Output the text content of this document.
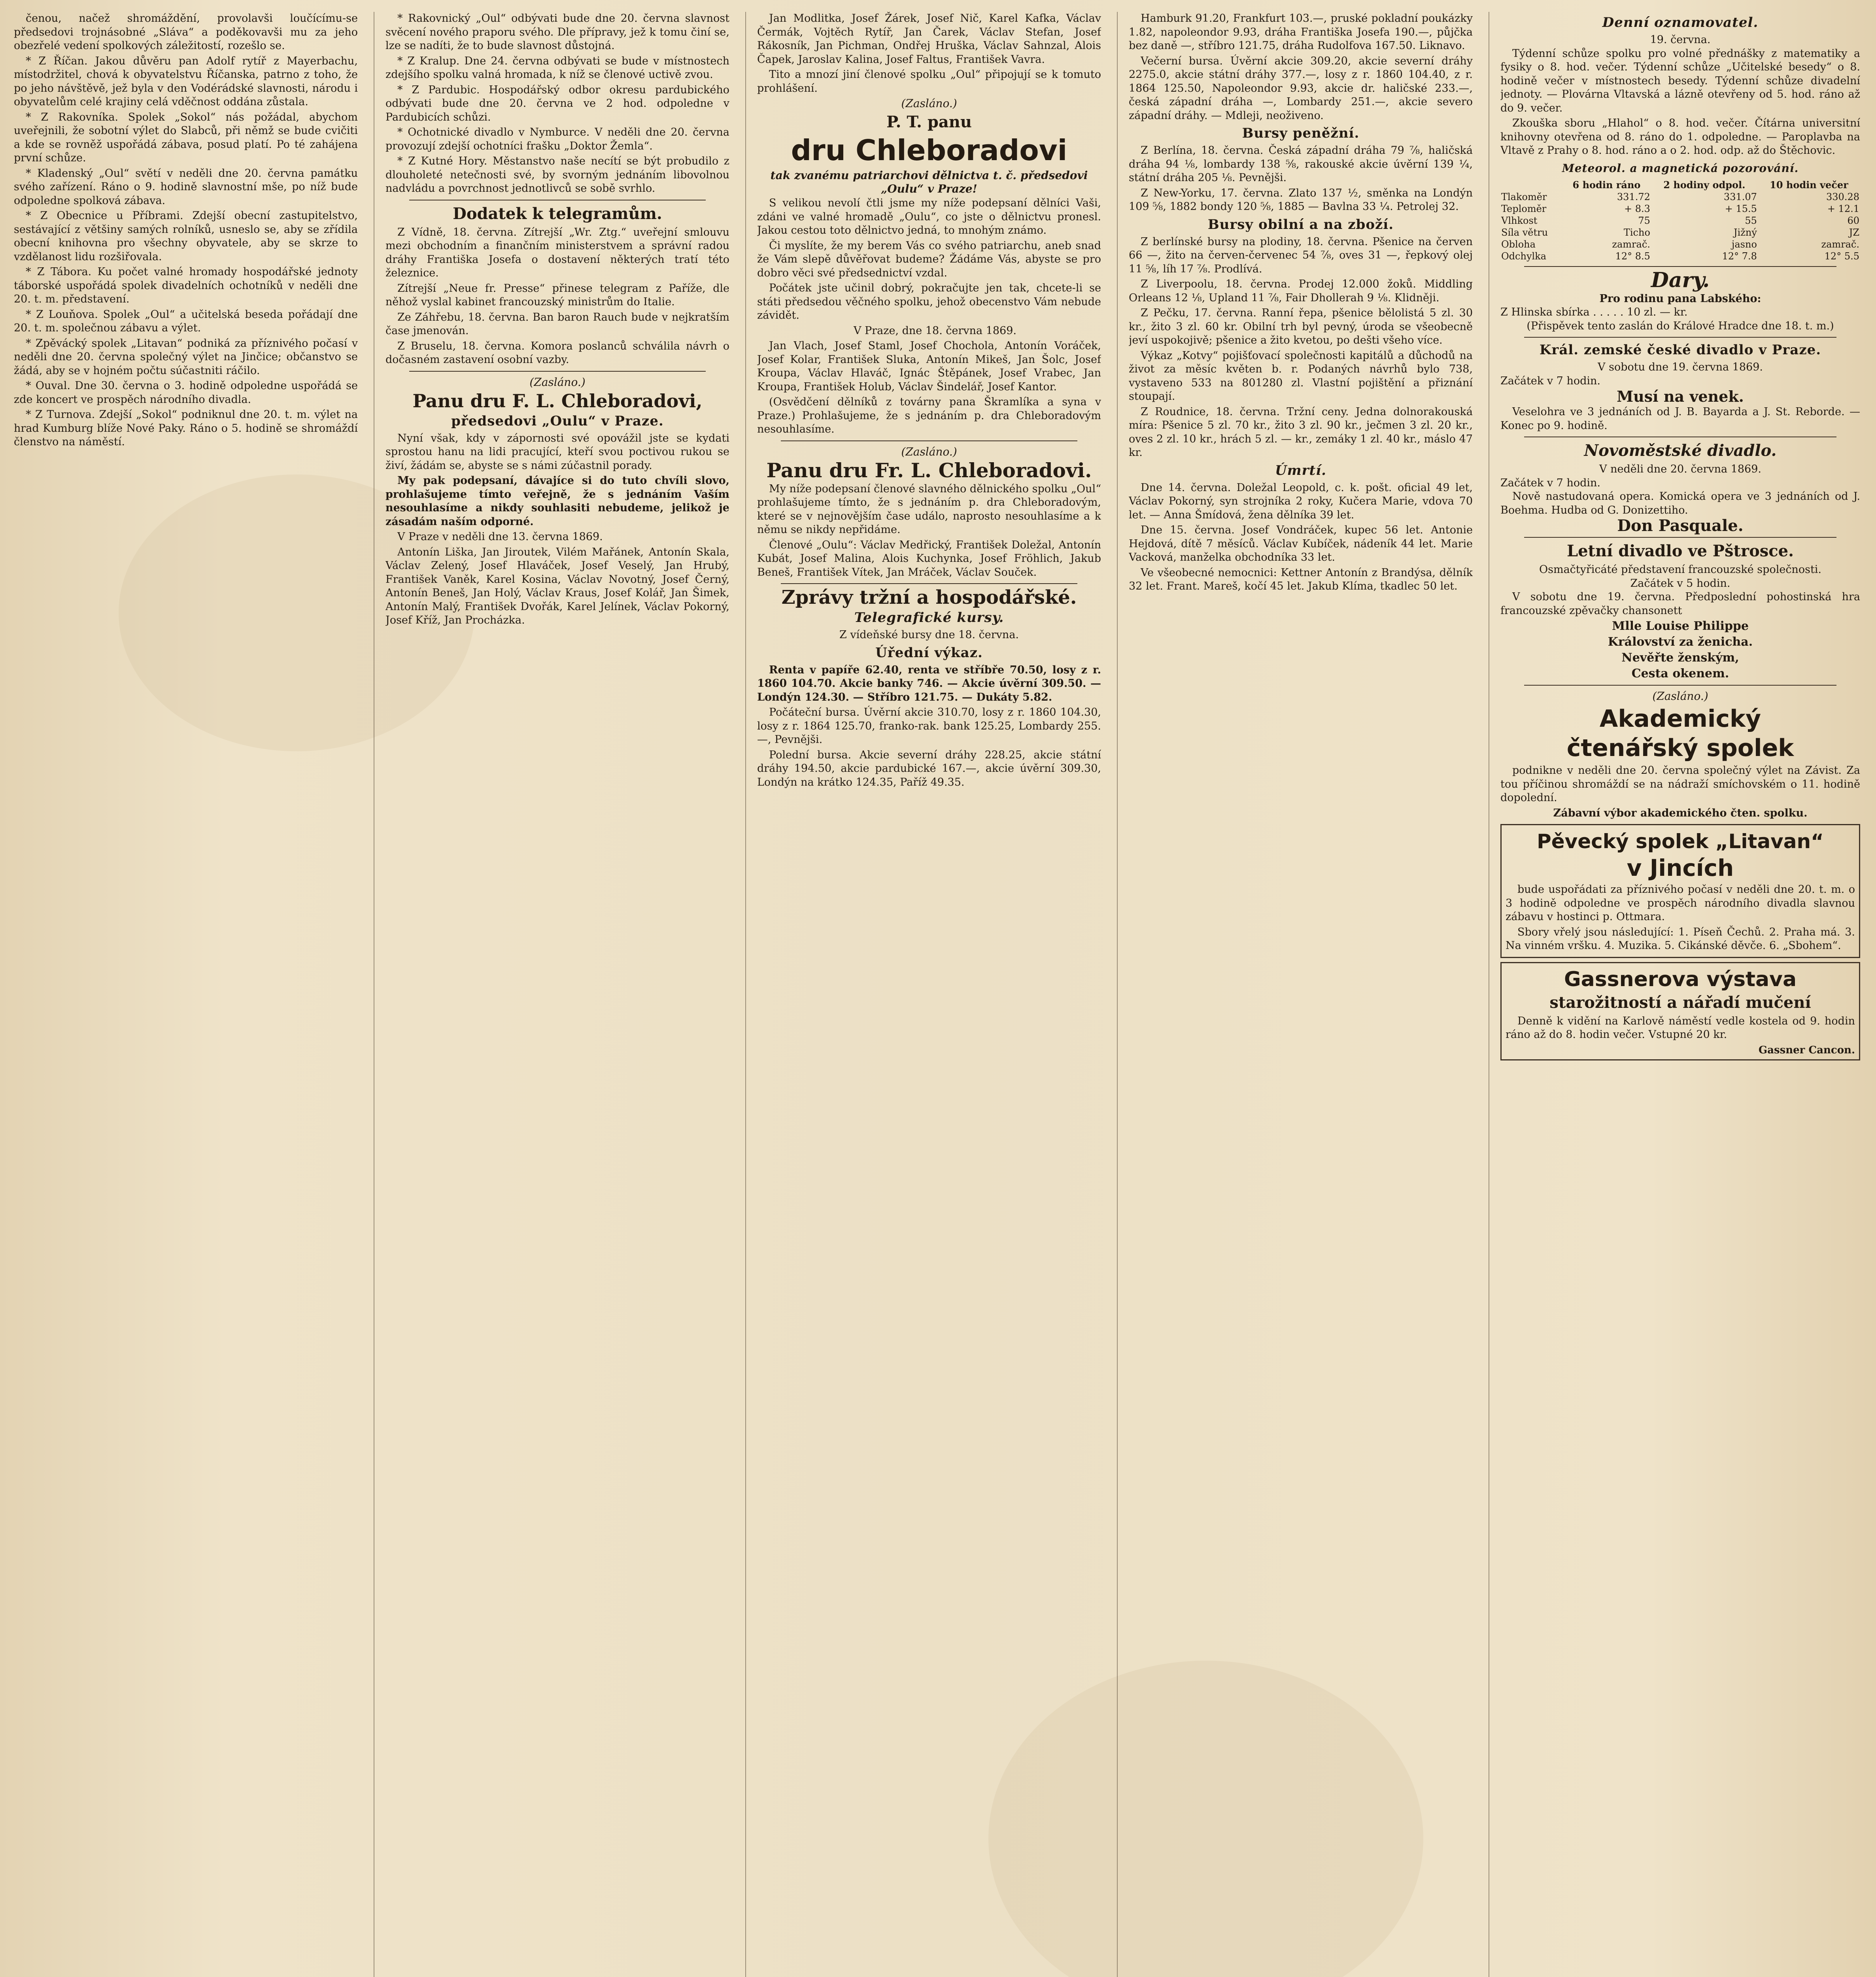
čenou, načež shromáždění, provolavši loučícímu-se předsedovi trojnásobné „Sláva“ a poděkovavši mu za jeho obezřelé vedení spolkových záležitostí, rozešlo se.

* Z Říčan. Jakou důvěru pan Adolf rytíř z Mayerbachu, místodržitel, chová k obyvatelstvu Říčanska, patrno z toho, že po jeho návštěvě, jež byla v den Vodérádské slavnosti, národu i obyvatelům celé krajiny celá vděčnost oddána zůstala.

* Z Rakovníka. Spolek „Sokol“ nás požádal, abychom uveřejnili, že sobotní výlet do Slabců, při němž se bude cvičiti a kde se rovněž uspořádá zábava, posud platí. Po té zahájena první schůze.

* Kladenský „Oul“ světí v neděli dne 20. června památku svého zařízení. Ráno o 9. hodině slavnostní mše, po níž bude odpoledne spolková zábava.

* Z Obecnice u Příbrami. Zdejší obecní zastupitelstvo, sestávající z většiny samých rolníků, usneslo se, aby se zřídila obecní knihovna pro všechny obyvatele, aby se skrze to vzdělanost lidu rozšiřovala.

* Z Tábora. Ku počet valné hromady hospodářské jednoty táborské uspořádá spolek divadelních ochotníků v neděli dne 20. t. m. představení.

* Z Louňova. Spolek „Oul“ a učitelská beseda pořádají dne 20. t. m. společnou zábavu a výlet.

* Zpěvácký spolek „Litavan“ podniká za příznivého počasí v neděli dne 20. června společný výlet na Jinčice; občanstvo se žádá, aby se v hojném počtu súčastniti ráčilo.

* Ouval. Dne 30. června o 3. hodině odpoledne uspořádá se zde koncert ve prospěch národního divadla.

* Z Turnova. Zdejší „Sokol“ podniknul dne 20. t. m. výlet na hrad Kumburg blíže Nové Paky. Ráno o 5. hodině se shromáždí členstvo na náměstí.

* Rakovnický „Oul“ odbývati bude dne 20. června slavnost svěcení nového praporu svého. Dle přípravy, jež k tomu činí se, lze se nadíti, že to bude slavnost důstojná.

* Z Kralup. Dne 24. června odbývati se bude v místnostech zdejšího spolku valná hromada, k níž se členové uctivě zvou.

* Z Pardubic. Hospodářský odbor okresu pardubického odbývati bude dne 20. června ve 2 hod. odpoledne v Pardubicích schůzi.

* Ochotnické divadlo v Nymburce. V neděli dne 20. června provozují zdejší ochotníci frašku „Doktor Žemla“.

* Z Kutné Hory. Městanstvo naše necítí se být probudilo z dlouholeté netečnosti své, by svorným jednáním libovolnou nadvládu a povrchnost jednotlivců se sobě svrhlo.

Dodatek k telegramům.

Z Vídně, 18. června. Zítrejší „Wr. Ztg.“ uveřejní smlouvu mezi obchodním a finančním ministerstvem a správní radou dráhy Františka Josefa o dostavení některých tratí této železnice.

Zítrejší „Neue fr. Presse“ přinese telegram z Paříže, dle něhož vyslal kabinet francouzský ministrům do Italie.

Ze Záhřebu, 18. června. Ban baron Rauch bude v nejkratším čase jmenován.

Z Bruselu, 18. června. Komora poslanců schválila návrh o dočasném zastavení osobní vazby.

(Zasláno.)
Panu dru F. L. Chleboradovi,
předsedovi „Oulu“ v Praze.

Nyní však, kdy v zápornosti své opovážil jste se kydati sprostou hanu na lidi pracující, kteří svou poctivou rukou se živí, žádám se, abyste se s námi zúčastnil porady.

My pak podepsaní, dávajíce si do tuto chvíli slovo, prohlašujeme tímto veřejně, že s jednáním Vaším nesouhlasíme a nikdy souhlasiti nebudeme, jelikož je zásadám naším odporné.

V Praze v neděli dne 13. června 1869.

Antonín Liška, Jan Jiroutek, Vilém Mařánek, Antonín Skala, Václav Zelený, Josef Hlaváček, Josef Veselý, Jan Hrubý, František Vaněk, Karel Kosina, Václav Novotný, Josef Černý, Antonín Beneš, Jan Holý, Václav Kraus, Josef Kolář, Jan Šimek, Antonín Malý, František Dvořák, Karel Jelínek, Václav Pokorný, Josef Kříž, Jan Procházka.

Jan Modlitka, Josef Žárek, Josef Nič, Karel Kafka, Václav Čermák, Vojtěch Rytíř, Jan Čarek, Václav Stefan, Josef Rákosník, Jan Pichman, Ondřej Hruška, Václav Sahnzal, Alois Čapek, Jaroslav Kalina, Josef Faltus, František Vavra.

Tito a mnozí jiní členové spolku „Oul“ připojují se k tomuto prohlášení.

(Zasláno.)
P. T. panu
dru Chleboradovi
tak zvanému patriarchovi dělnictva t. č. předsedovi „Oulu“ v Praze!

S velikou nevolí čtli jsme my níže podepsaní dělníci Vaši, zdáni ve valné hromadě „Oulu“, co jste o dělnictvu pronesl. Jakou cestou toto dělnictvo jedná, to mnohým známo.

Či myslíte, že my berem Vás co svého patriarchu, aneb snad že Vám slepě důvěřovat budeme? Žádáme Vás, abyste se pro dobro věci své předsednictví vzdal.

Počátek jste učinil dobrý, pokračujte jen tak, chcete-li se státi předsedou věčného spolku, jehož obecenstvo Vám nebude závidět.

V Praze, dne 18. června 1869.

Jan Vlach, Josef Staml, Josef Chochola, Antonín Voráček, Josef Kolar, František Sluka, Antonín Mikeš, Jan Šolc, Josef Kroupa, Václav Hlaváč, Ignác Štěpánek, Josef Vrabec, Jan Kroupa, František Holub, Václav Šindelář, Josef Kantor.

(Osvědčení dělníků z továrny pana Škramlíka a syna v Praze.) Prohlašujeme, že s jednáním p. dra Chleboradovým nesouhlasíme.

(Zasláno.)
Panu dru Fr. L. Chleboradovi.

My níže podepsaní členové slavného dělnického spolku „Oul“ prohlašujeme tímto, že s jednáním p. dra Chleboradovým, které se v nejnovějším čase událo, naprosto nesouhlasíme a k němu se nikdy nepřidáme.

Členové „Oulu“: Václav Medřický, František Doležal, Antonín Kubát, Josef Malina, Alois Kuchynka, Josef Fröhlich, Jakub Beneš, František Vítek, Jan Mráček, Václav Souček.

Zprávy tržní a hospodářské.
Telegrafické kursy.
Z vídeňské bursy dne 18. června.
Úřední výkaz.

Renta v papíře 62.40, renta ve stříbře 70.50, losy z r. 1860 104.70. Akcie banky 746. — Akcie úvěrní 309.50. — Londýn 124.30. — Stříbro 121.75. — Dukáty 5.82.

Počáteční bursa. Úvěrní akcie 310.70, losy z r. 1860 104.30, losy z r. 1864 125.70, franko-rak. bank 125.25, Lombardy 255.—, Pevnějši.

Polední bursa. Akcie severní dráhy 228.25, akcie státní dráhy 194.50, akcie pardubické 167.—, akcie úvěrní 309.30, Londýn na krátko 124.35, Paříž 49.35.

Hamburk 91.20, Frankfurt 103.—, pruské pokladní poukázky 1.82, napoleondor 9.93, dráha Františka Josefa 190.—, půjčka bez daně —, stříbro 121.75, dráha Rudolfova 167.50. Liknavo.

Večerní bursa. Úvěrní akcie 309.20, akcie severní dráhy 2275.0, akcie státní dráhy 377.—, losy z r. 1860 104.40, z r. 1864 125.50, Napoleondor 9.93, akcie dr. haličské 233.—, česká západní dráha —, Lombardy 251.—, akcie severo západní dráhy. — Mdleji, neoživeno.

Bursy peněžní.

Z Berlína, 18. června. Česká západní dráha 79 ⅞, haličská dráha 94 ⅛, lombardy 138 ⅝, rakouské akcie úvěrní 139 ¼, státní dráha 205 ⅛. Pevnějši.

Z New-Yorku, 17. června. Zlato 137 ½, směnka na Londýn 109 ⅝, 1882 bondy 120 ⅝, 1885 — Bavlna 33 ¼. Petrolej 32.

Bursy obilní a na zboží.

Z berlínské bursy na plodiny, 18. června. Pšenice na červen 66 —, žito na červen-červenec 54 ⅞, oves 31 —, řepkový olej 11 ⅝, líh 17 ⅞. Prodlívá.

Z Liverpoolu, 18. června. Prodej 12.000 žoků. Middling Orleans 12 ⅛, Upland 11 ⅞, Fair Dhollerah 9 ⅛. Klidněji.

Z Pečku, 17. června. Ranní řepa, pšenice bělolistá 5 zl. 30 kr., žito 3 zl. 60 kr. Obilní trh byl pevný, úroda se všeobecně jeví uspokojivě; pšenice a žito kvetou, po dešti všeho více.

Výkaz „Kotvy“ pojišťovací společnosti kapitálů a důchodů na život za měsíc květen b. r. Podaných návrhů bylo 738, vystaveno 533 na 801280 zl. Vlastní pojištění a přiznání stoupají.

Z Roudnice, 18. června. Tržní ceny. Jedna dolnorakouská míra: Pšenice 5 zl. 70 kr., žito 3 zl. 90 kr., ječmen 3 zl. 20 kr., oves 2 zl. 10 kr., hrách 5 zl. — kr., zemáky 1 zl. 40 kr., máslo 47 kr.

Úmrtí.

Dne 14. června. Doležal Leopold, c. k. pošt. oficial 49 let, Václav Pokorný, syn strojníka 2 roky, Kučera Marie, vdova 70 let. — Anna Šmídová, žena dělníka 39 let.

Dne 15. června. Josef Vondráček, kupec 56 let. Antonie Hejdová, dítě 7 měsíců. Václav Kubíček, nádeník 44 let. Marie Vacková, manželka obchodníka 33 let.

Ve všeobecné nemocnici: Kettner Antonín z Brandýsa, dělník 32 let. Frant. Mareš, kočí 45 let. Jakub Klíma, tkadlec 50 let.

Denní oznamovatel.
19. června.

Týdenní schůze spolku pro volné přednášky z matematiky a fysiky o 8. hod. večer. Týdenní schůze „Učitelské besedy“ o 8. hodině večer v místnostech besedy. Týdenní schůze divadelní jednoty. — Plovárna Vltavská a lázně otevřeny od 5. hod. ráno až do 9. večer.

Zkouška sboru „Hlahol“ o 8. hod. večer. Čítárna universitní knihovny otevřena od 8. ráno do 1. odpoledne. — Paroplavba na Vltavě z Prahy o 8. hod. ráno a o 2. hod. odp. až do Štěchovic.

Meteorol. a magnetická pozorování.
	6 hodin ráno	2 hodiny odpol.	10 hodin večer
Tlakoměr	331.72	331.07	330.28
Teploměr	+ 8.3	+ 15.5	+ 12.1
Vlhkost	75	55	60
Síla větru	Ticho	Jižný	JZ
Oblohа	zamrač.	jasno	zamrač.
Odchylka	12° 8.5	12° 7.8	12° 5.5
Dary.
Pro rodinu pana Labského:
Z Hlinska sbírka . . . . . 10 zl. — kr.
(Přispěvek tento zaslán do Králové Hradce dne 18. t. m.)
Král. zemské české divadlo v Praze.
V sobotu dne 19. června 1869.
Začátek v 7 hodin.
Musí na venek.

Veselohra ve 3 jednáních od J. B. Bayarda a J. St. Reborde. — Konec po 9. hodině.

Novoměstské divadlo.
V neděli dne 20. června 1869.
Začátek v 7 hodin.

Nově nastudovaná opera. Komická opera ve 3 jednáních od J. Boehma. Hudba od G. Donizettiho.

Don Pasquale.
Letní divadlo ve Pštrosce.
Osmačtyřicáté představení francouzské společnosti.
Začátek v 5 hodin.

V sobotu dne 19. června. Předposlední pohostinská hra francouzské zpěvačky chansonett

Mlle Louise Philippe
Království za ženicha.
Nevěřte ženským,
Cesta okenem.
(Zasláno.)
Akademický
čtenářský spolek

podnikne v neděli dne 20. června společný výlet na Závist. Za tou příčinou shromáždí se na nádraží smíchovském o 11. hodině dopolední.

Zábavní výbor akademického čten. spolku.
Pěvecký spolek „Litavan“
v Jincích

bude uspořádati za příznivého počasí v neděli dne 20. t. m. o 3 hodině odpoledne ve prospěch národního divadla slavnou zábavu v hostinci p. Ottmara.

Sbory vřelý jsou následující: 1. Píseň Čechů. 2. Praha má. 3. Na vinném vršku. 4. Muzika. 5. Cikánské děvče. 6. „Sbohem“.

Gassnerova výstava
starožitností a nářadí mučení

Denně k vidění na Karlově náměstí vedle kostela od 9. hodin ráno až do 8. hodin večer. Vstupné 20 kr.

Gassner Cancon.
